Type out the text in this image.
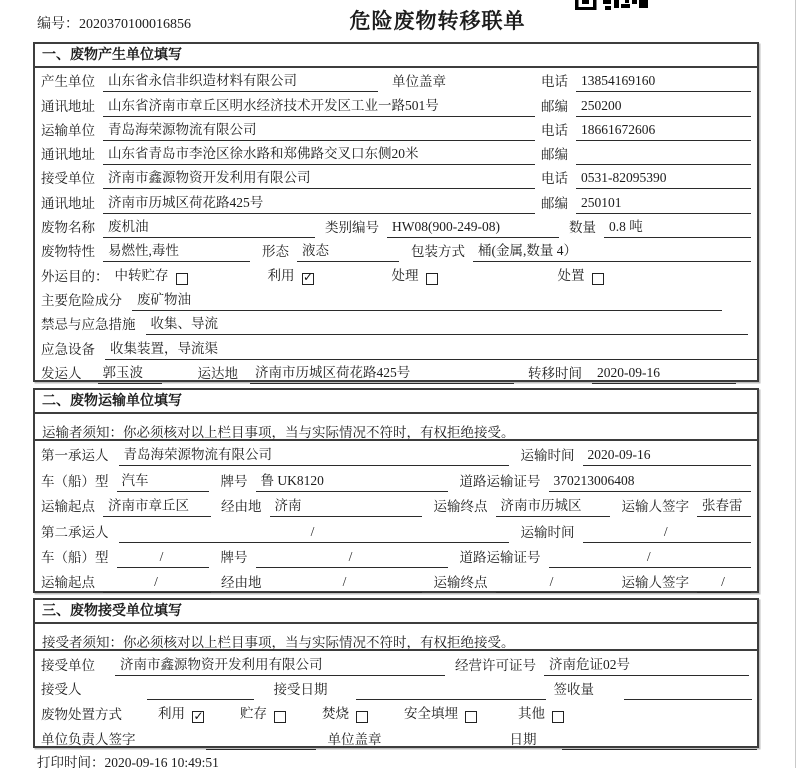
编号：2020370100016856	危险废物转移联单
一、废物产生单位填写
产生单位 山东省永信非织造材料有限公司	单位盖章	电话 13854169160
通讯地址 山东省济南市章丘区明水经济技术开发区工业一路501号	邮编 250200
运输单位 青岛海荣源物流有限公司	电话 18661672606
通讯地址 山东省青岛市李沧区徐水路和郑佛路交叉口东侧20米	邮编
接受单位 济南市鑫源物资开发利用有限公司	电话 0531-82095390
通讯地址 济南市历城区荷花路425号	邮编 250101
废物名称 废机油	类别编号 HW08(900-249-08)	数量 0.8 吨
废物特性 易燃性,毒性	形态 液态	包装方式 桶(金属,数量 4）
外运目的： 中转贮存	利用 ✓	处理	处置
主要危险成分	废矿物油
禁忌与应急措施	收集、导流
应急设备	收集装置，导流渠
发运人	郭玉波	运达地	济南市历城区荷花路425号	转移时间	2020-09-16
二、废物运输单位填写
运输者须知：你必须核对以上栏目事项，当与实际情况不符时，有权拒绝接受。
第一承运人	青岛海荣源物流有限公司	运输时间 2020-09-16
车（船）型 汽车	牌号 鲁 UK8120	道路运输证号 370213006408
运输起点 济南市章丘区	经由地 济南	运输终点 济南市历城区	运输人签字 张春雷
第二承运人	/	运输时间	/
车（船）型	/	牌号	/	道路运输证号	/
运输起点	/	经由地	/	运输终点	/	运输人签字	/
三、废物接受单位填写
接受者须知：你必须核对以上栏目事项，当与实际情况不符时，有权拒绝接受。
接受单位	济南市鑫源物资开发利用有限公司	经营许可证号 济南危证02号
接受人	接受日期	签收量
废物处置方式	利用 ✓	贮存	焚烧	安全填埋	其他
单位负责人签字	单位盖章	日期
打印时间：2020-09-16 10:49:51
